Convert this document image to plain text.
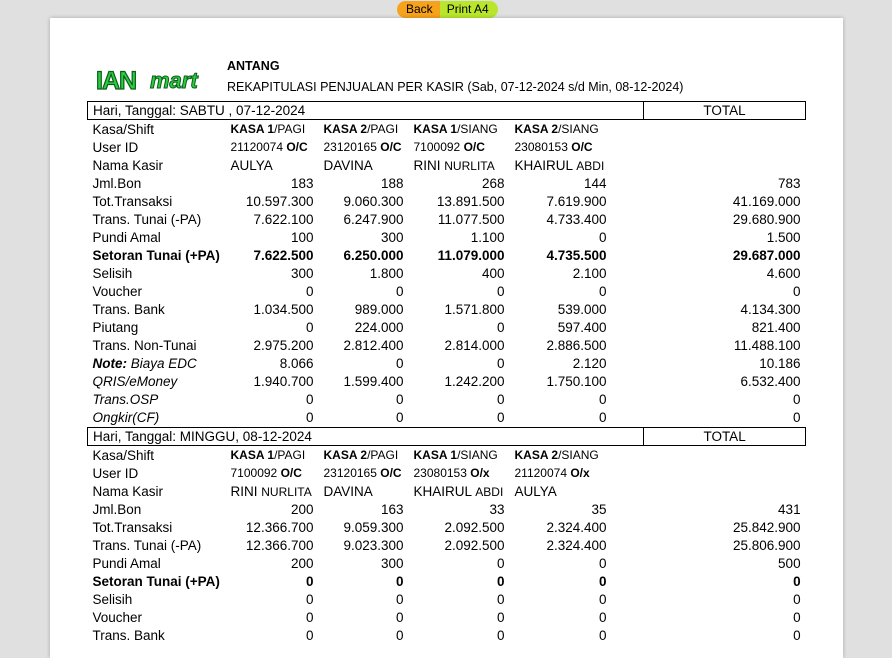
Back	Print A4
IAN mart
ANTANG
REKAPITULASI PENJUALAN PER KASIR (Sab, 07-12-2024 s/d Min, 08-12-2024)
Hari, Tanggal: SABTU , 07-12-2024						TOTAL
Kasa/Shift	KASA 1/PAGI	KASA 2/PAGI	KASA 1/SIANG	KASA 2/SIANG		
User ID	21120074 O/C	23120165 O/C	7100092 O/C	23080153 O/C		
Nama Kasir	AULYA	DAVINA	RINI NURLITA	KHAIRUL ABDI		
Jml.Bon	183	188	268	144		783
Tot.Transaksi	10.597.300	9.060.300	13.891.500	7.619.900		41.169.000
Trans. Tunai (-PA)	7.622.100	6.247.900	11.077.500	4.733.400		29.680.900
Pundi Amal	100	300	1.100	0		1.500
Setoran Tunai (+PA)	7.622.500	6.250.000	11.079.000	4.735.500		29.687.000
Selisih	300	1.800	400	2.100		4.600
Voucher	0	0	0	0		0
Trans. Bank	1.034.500	989.000	1.571.800	539.000		4.134.300
Piutang	0	224.000	0	597.400		821.400
Trans. Non-Tunai	2.975.200	2.812.400	2.814.000	2.886.500		11.488.100
Note: Biaya EDC	8.066	0	0	2.120		10.186
QRIS/eMoney	1.940.700	1.599.400	1.242.200	1.750.100		6.532.400
Trans.OSP	0	0	0	0		0
Ongkir(CF)	0	0	0	0		0
Hari, Tanggal: MINGGU, 08-12-2024						TOTAL
Kasa/Shift	KASA 1/PAGI	KASA 2/PAGI	KASA 1/SIANG	KASA 2/SIANG		
User ID	7100092 O/C	23120165 O/C	23080153 O/x	21120074 O/x		
Nama Kasir	RINI NURLITA	DAVINA	KHAIRUL ABDI	AULYA		
Jml.Bon	200	163	33	35		431
Tot.Transaksi	12.366.700	9.059.300	2.092.500	2.324.400		25.842.900
Trans. Tunai (-PA)	12.366.700	9.023.300	2.092.500	2.324.400		25.806.900
Pundi Amal	200	300	0	0		500
Setoran Tunai (+PA)	0	0	0	0		0
Selisih	0	0	0	0		0
Voucher	0	0	0	0		0
Trans. Bank	0	0	0	0		0
